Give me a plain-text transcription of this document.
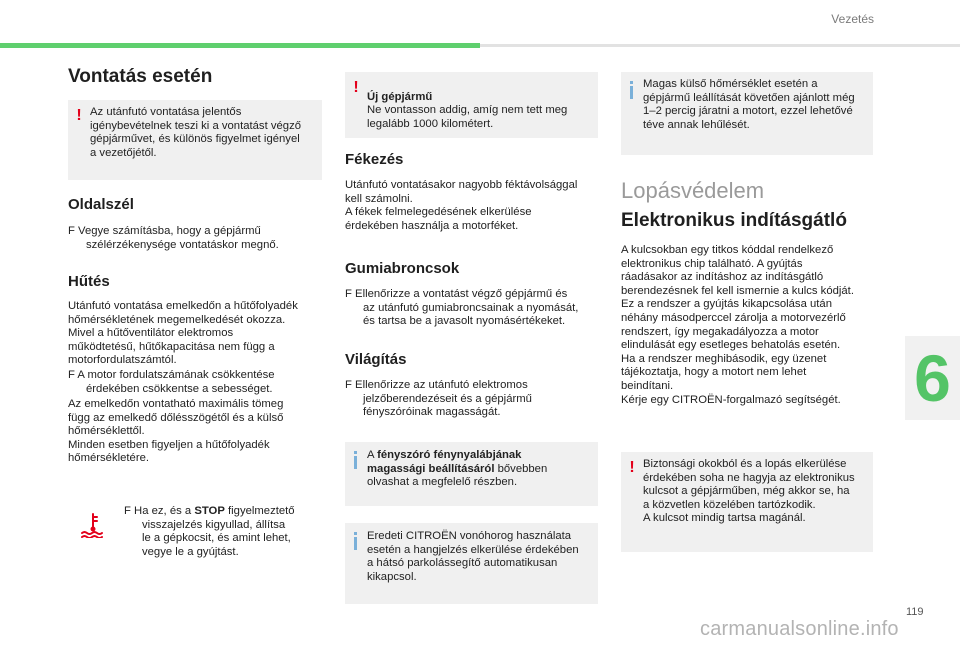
Vezetés
6
Vontatás esetén
! Az utánfutó vontatása jelentős
igénybevételnek teszi ki a vontatást végző
gépjárművet, és különös figyelmet igényel
a vezetőjétől.
Oldalszél
F Vegye számításba, hogy a gépjármű
szélérzékenysége vontatáskor megnő.
Hűtés
Utánfutó vontatása emelkedőn a hűtőfolyadék
hőmérsékletének megemelkedését okozza.
Mivel a hűtőventilátor elektromos
működtetésű, hűtőkapacitása nem függ a
motorfordulatszámtól.
F A motor fordulatszámának csökkentése
érdekében csökkentse a sebességet.
Az emelkedőn vontatható maximális tömeg
függ az emelkedő dőlésszögétől és a külső
hőmérséklettől.
Minden esetben figyeljen a hűtőfolyadék
hőmérsékletére.
F Ha ez, és a STOP figyelmeztető
visszajelzés kigyullad, állítsa
le a gépkocsit, és amint lehet,
vegye le a gyújtást.
!

Új gépjármű

Ne vontasson addig, amíg nem tett meg
legalább 1000 kilométert.

Fékezés
Utánfutó vontatásakor nagyobb féktávolsággal
kell számolni.
A fékek felmelegedésének elkerülése
érdekében használja a motorféket.
Gumiabroncsok
F Ellenőrizze a vontatást végző gépjármű és
az utánfutó gumiabroncsainak a nyomását,
és tartsa be a javasolt nyomásértékeket.
Világítás
F Ellenőrizze az utánfutó elektromos
jelzőberendezéseit és a gépjármű
fényszóróinak magasságát.
A fényszóró fénynyalábjának
magassági beállításáról bővebben
olvashat a megfelelő részben.
Eredeti CITROËN vonóhorog használata
esetén a hangjelzés elkerülése érdekében
a hátsó parkolássegítő automatikusan
kikapcsol.
Magas külső hőmérséklet esetén a
gépjármű leállítását követően ajánlott még
1–2 percig járatni a motort, ezzel lehetővé
téve annak lehűlését.
Lopásvédelem
Elektronikus indításgátló
A kulcsokban egy titkos kóddal rendelkező
elektronikus chip található. A gyújtás
ráadásakor az indításhoz az indításgátló
berendezésnek fel kell ismernie a kulcs kódját.
Ez a rendszer a gyújtás kikapcsolása után
néhány másodperccel zárolja a motorvezérlő
rendszert, így megakadályozza a motor
elindulását egy esetleges behatolás esetén.
Ha a rendszer meghibásodik, egy üzenet
tájékoztatja, hogy a motort nem lehet
beindítani.
Kérje egy CITROËN-forgalmazó segítségét.
! Biztonsági okokból és a lopás elkerülése
érdekében soha ne hagyja az elektronikus
kulcsot a gépjárműben, még akkor se, ha
a közvetlen közelében tartózkodik.
A kulcsot mindig tartsa magánál.
119
carmanualsonline.info
